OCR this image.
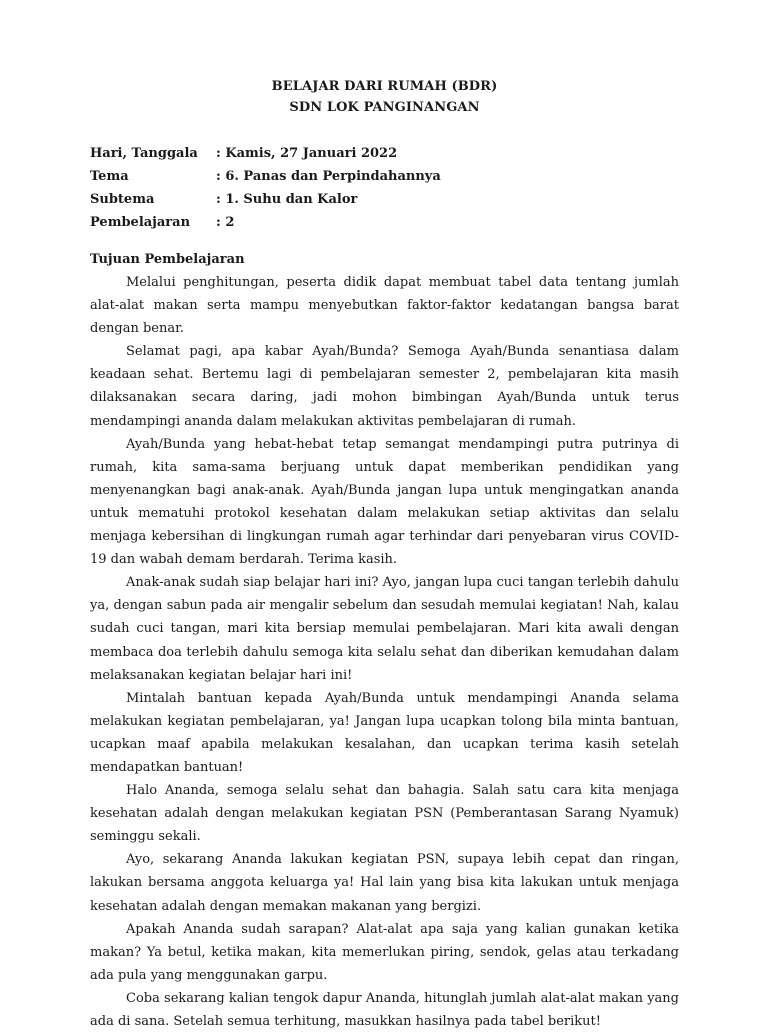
BELAJAR DARI RUMAH (BDR)
SDN LOK PANGINANGAN
Hari, Tanggala	: Kamis, 27 Januari 2022
Tema	: 6. Panas dan Perpindahannya
Subtema	: 1. Suhu dan Kalor
Pembelajaran	: 2
Tujuan Pembelajaran

Melalui penghitungan, peserta didik dapat membuat tabel data tentang jumlah alat-alat makan serta mampu menyebutkan faktor-faktor kedatangan bangsa barat dengan benar.

Selamat pagi, apa kabar Ayah/Bunda? Semoga Ayah/Bunda senantiasa dalam keadaan sehat. Bertemu lagi di pembelajaran semester 2, pembelajaran kita masih dilaksanakan secara daring, jadi mohon bimbingan Ayah/Bunda untuk terus mendampingi ananda dalam melakukan aktivitas pembelajaran di rumah.

Ayah/Bunda yang hebat-hebat tetap semangat mendampingi putra putrinya di rumah, kita sama-sama berjuang untuk dapat memberikan pendidikan yang menyenangkan bagi anak-anak. Ayah/Bunda jangan lupa untuk mengingatkan ananda untuk mematuhi protokol kesehatan dalam melakukan setiap aktivitas dan selalu menjaga kebersihan di lingkungan rumah agar terhindar dari penyebaran virus COVID-19 dan wabah demam berdarah. Terima kasih.

Anak-anak sudah siap belajar hari ini? Ayo, jangan lupa cuci tangan terlebih dahulu ya, dengan sabun pada air mengalir sebelum dan sesudah memulai kegiatan! Nah, kalau sudah cuci tangan, mari kita bersiap memulai pembelajaran. Mari kita awali dengan membaca doa terlebih dahulu semoga kita selalu sehat dan diberikan kemudahan dalam melaksanakan kegiatan belajar hari ini!

Mintalah bantuan kepada Ayah/Bunda untuk mendampingi Ananda selama melakukan kegiatan pembelajaran, ya! Jangan lupa ucapkan tolong bila minta bantuan, ucapkan maaf apabila melakukan kesalahan, dan ucapkan terima kasih setelah mendapatkan bantuan!

Halo Ananda, semoga selalu sehat dan bahagia. Salah satu cara kita menjaga kesehatan adalah dengan melakukan kegiatan PSN (Pemberantasan Sarang Nyamuk) seminggu sekali.

Ayo, sekarang Ananda lakukan kegiatan PSN, supaya lebih cepat dan ringan, lakukan bersama anggota keluarga ya! Hal lain yang bisa kita lakukan untuk menjaga kesehatan adalah dengan memakan makanan yang bergizi.

Apakah Ananda sudah sarapan? Alat-alat apa saja yang kalian gunakan ketika makan? Ya betul, ketika makan, kita memerlukan piring, sendok, gelas atau terkadang ada pula yang menggunakan garpu.

Coba sekarang kalian tengok dapur Ananda, hitunglah jumlah alat-alat makan yang ada di sana. Setelah semua terhitung, masukkan hasilnya pada tabel berikut!
